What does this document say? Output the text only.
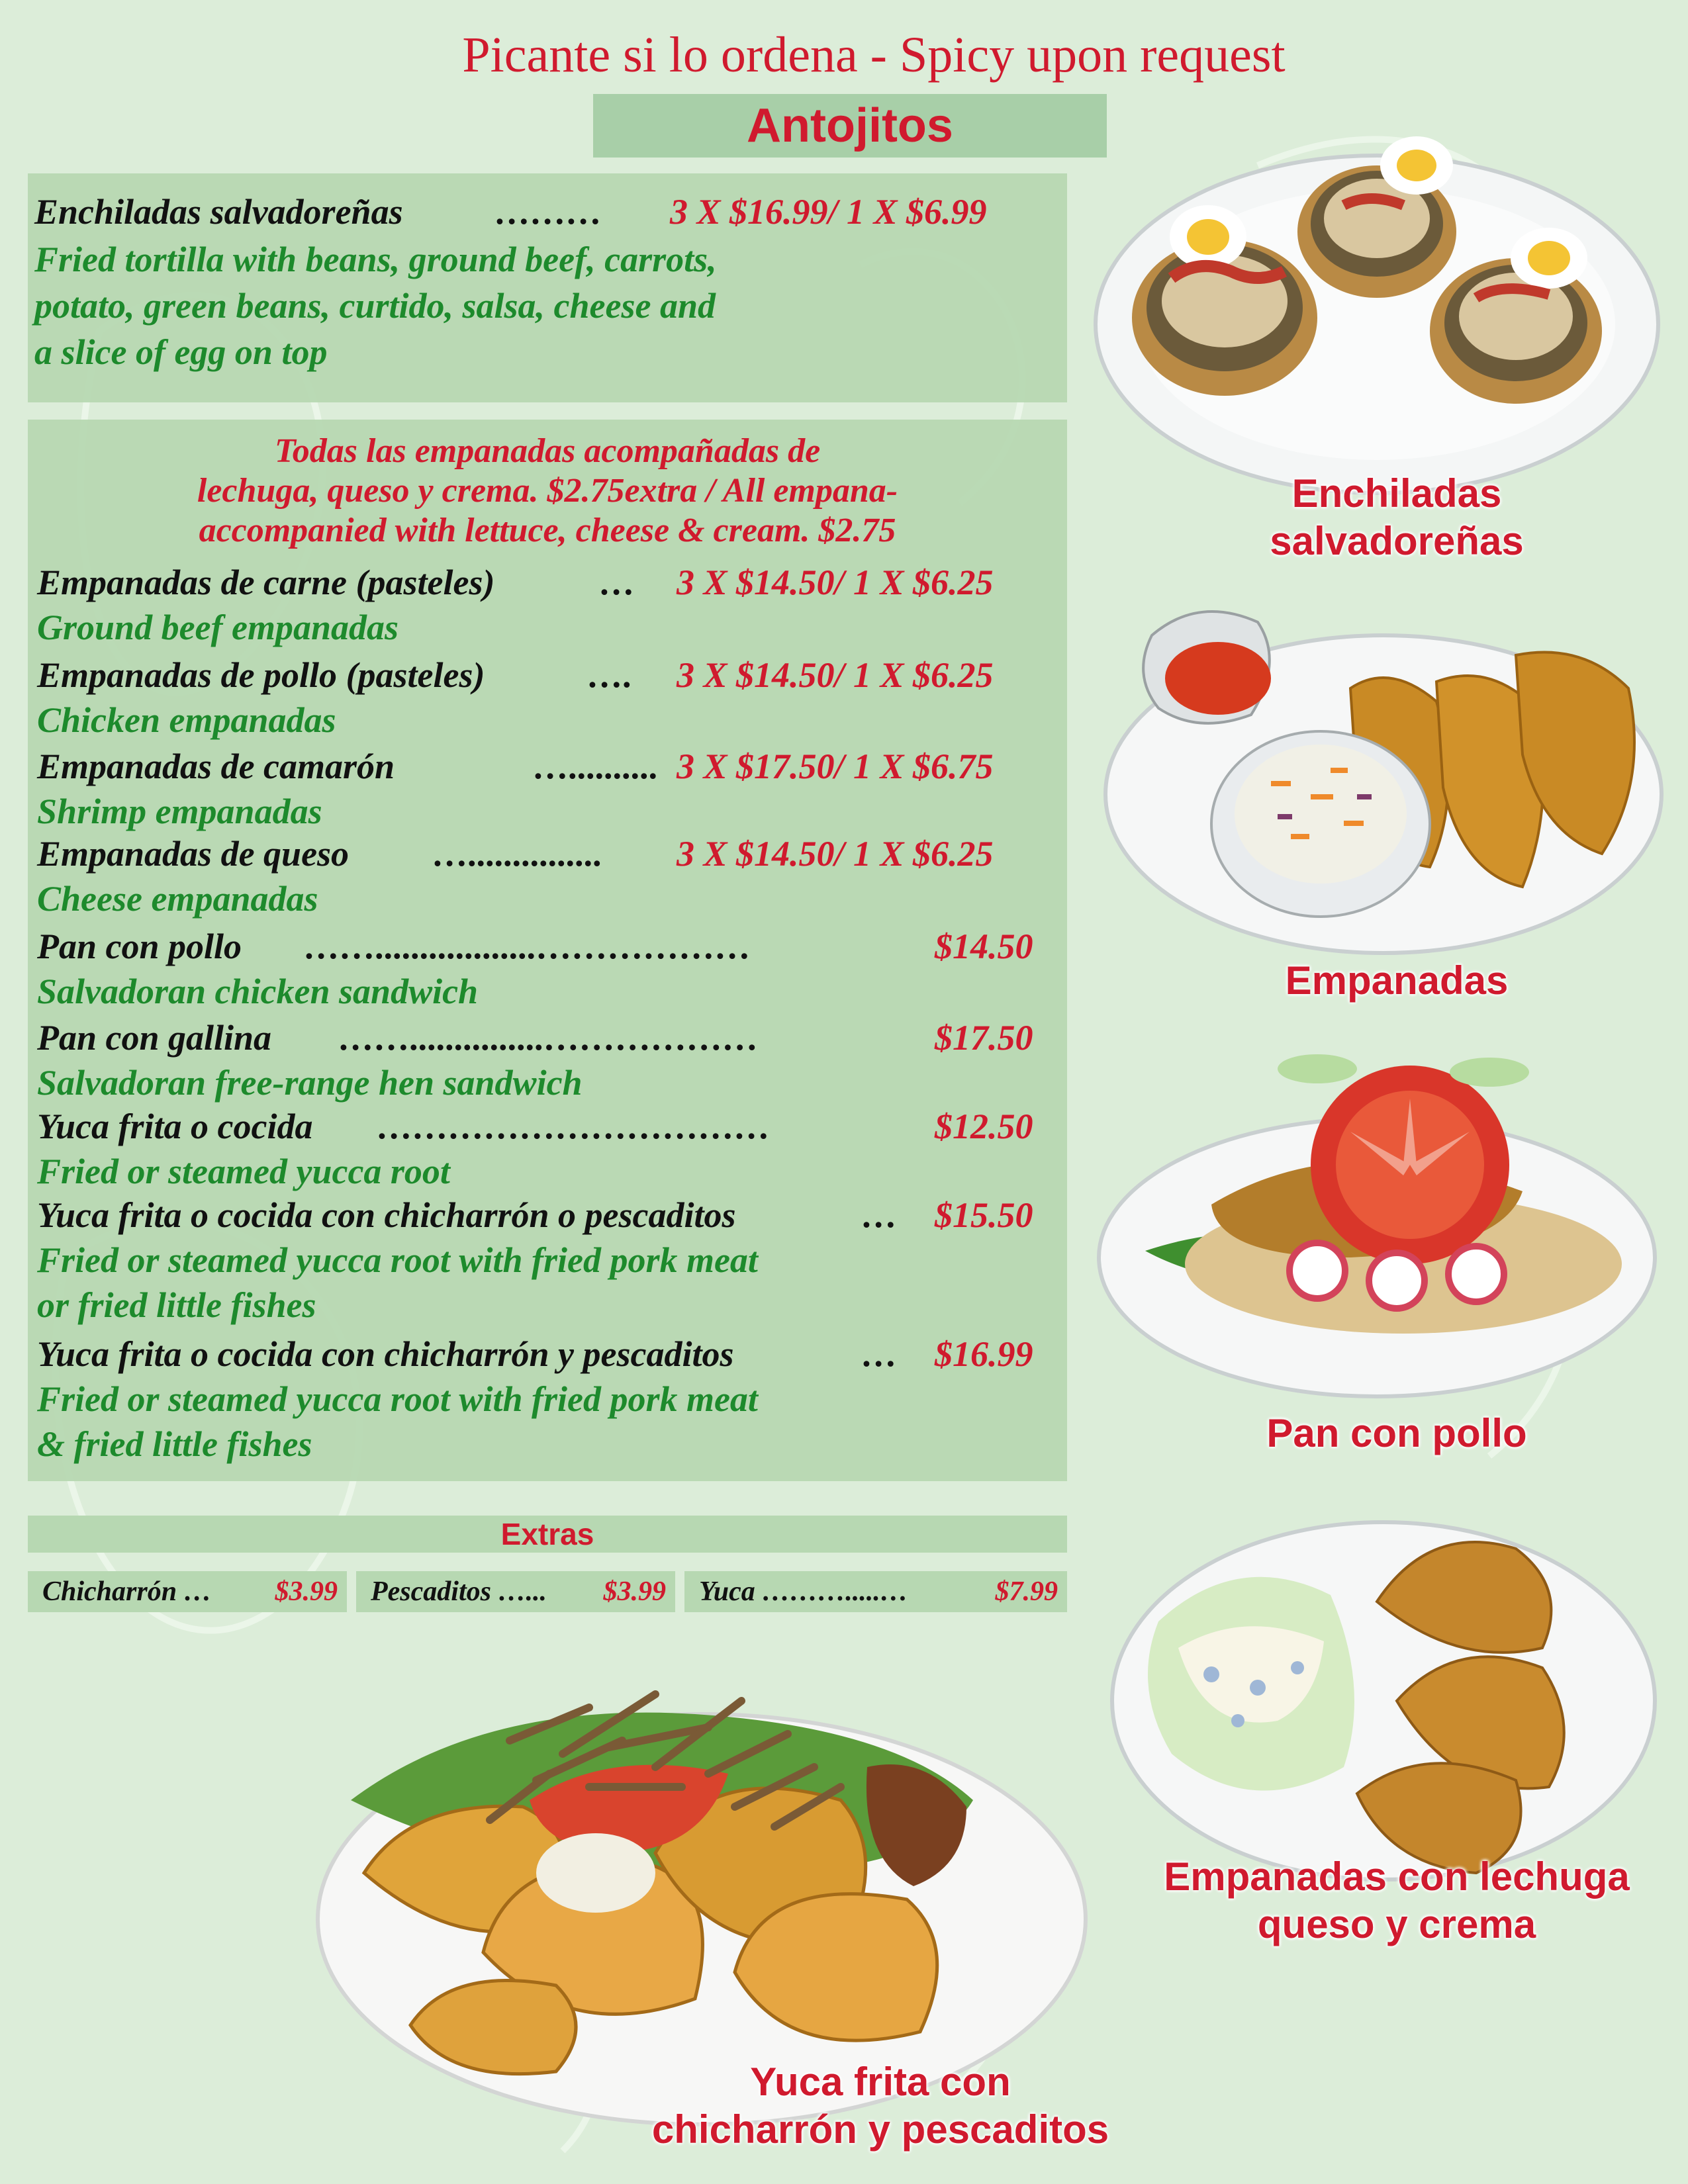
Picante si lo ordena - Spicy upon request
Antojitos
Enchiladas salvadoreñas	……… 3 X $16.99/ 1 X $6.99
Fried tortilla with beans, ground beef, carrots,
potato, green beans, curtido, salsa, cheese and
a slice of egg on top
Todas las empanadas acompañadas de
lechuga, queso y crema. $2.75extra / All empana-
accompanied with lettuce, cheese & cream. $2.75
Empanadas de carne (pasteles)	… 3 X $14.50/ 1 X $6.25
Ground beef empanadas
Empanadas de pollo (pasteles)	…. 3 X $14.50/ 1 X $6.25
Chicken empanadas
Empanadas de camarón	….......... 3 X $17.50/ 1 X $6.75
Shrimp empanadas
Empanadas de queso …............... 3 X $14.50/ 1 X $6.25
Cheese empanadas
Pan con pollo ……..................………………	$14.50
Salvadoran chicken sandwich
Pan con gallina ……...............………………	$17.50
Salvadoran free-range hen sandwich
Yuca frita o cocida ……………………………	$12.50
Fried or steamed yucca root
Yuca frita o cocida con chicharrón o pescaditos	… $15.50
Fried or steamed yucca root with fried pork meat
or fried little fishes
Yuca frita o cocida con chicharrón y pescaditos	… $16.99
Fried or steamed yucca root with fried pork meat
& fried little fishes
Extras
Chicharrón … $3.99 Pescaditos …... $3.99 Yuca ……….....…	$7.99
Enchiladas
salvadoreñas
Empanadas
Pan con pollo
Empanadas con lechuga
queso y crema
Yuca frita con
chicharrón y pescaditos
